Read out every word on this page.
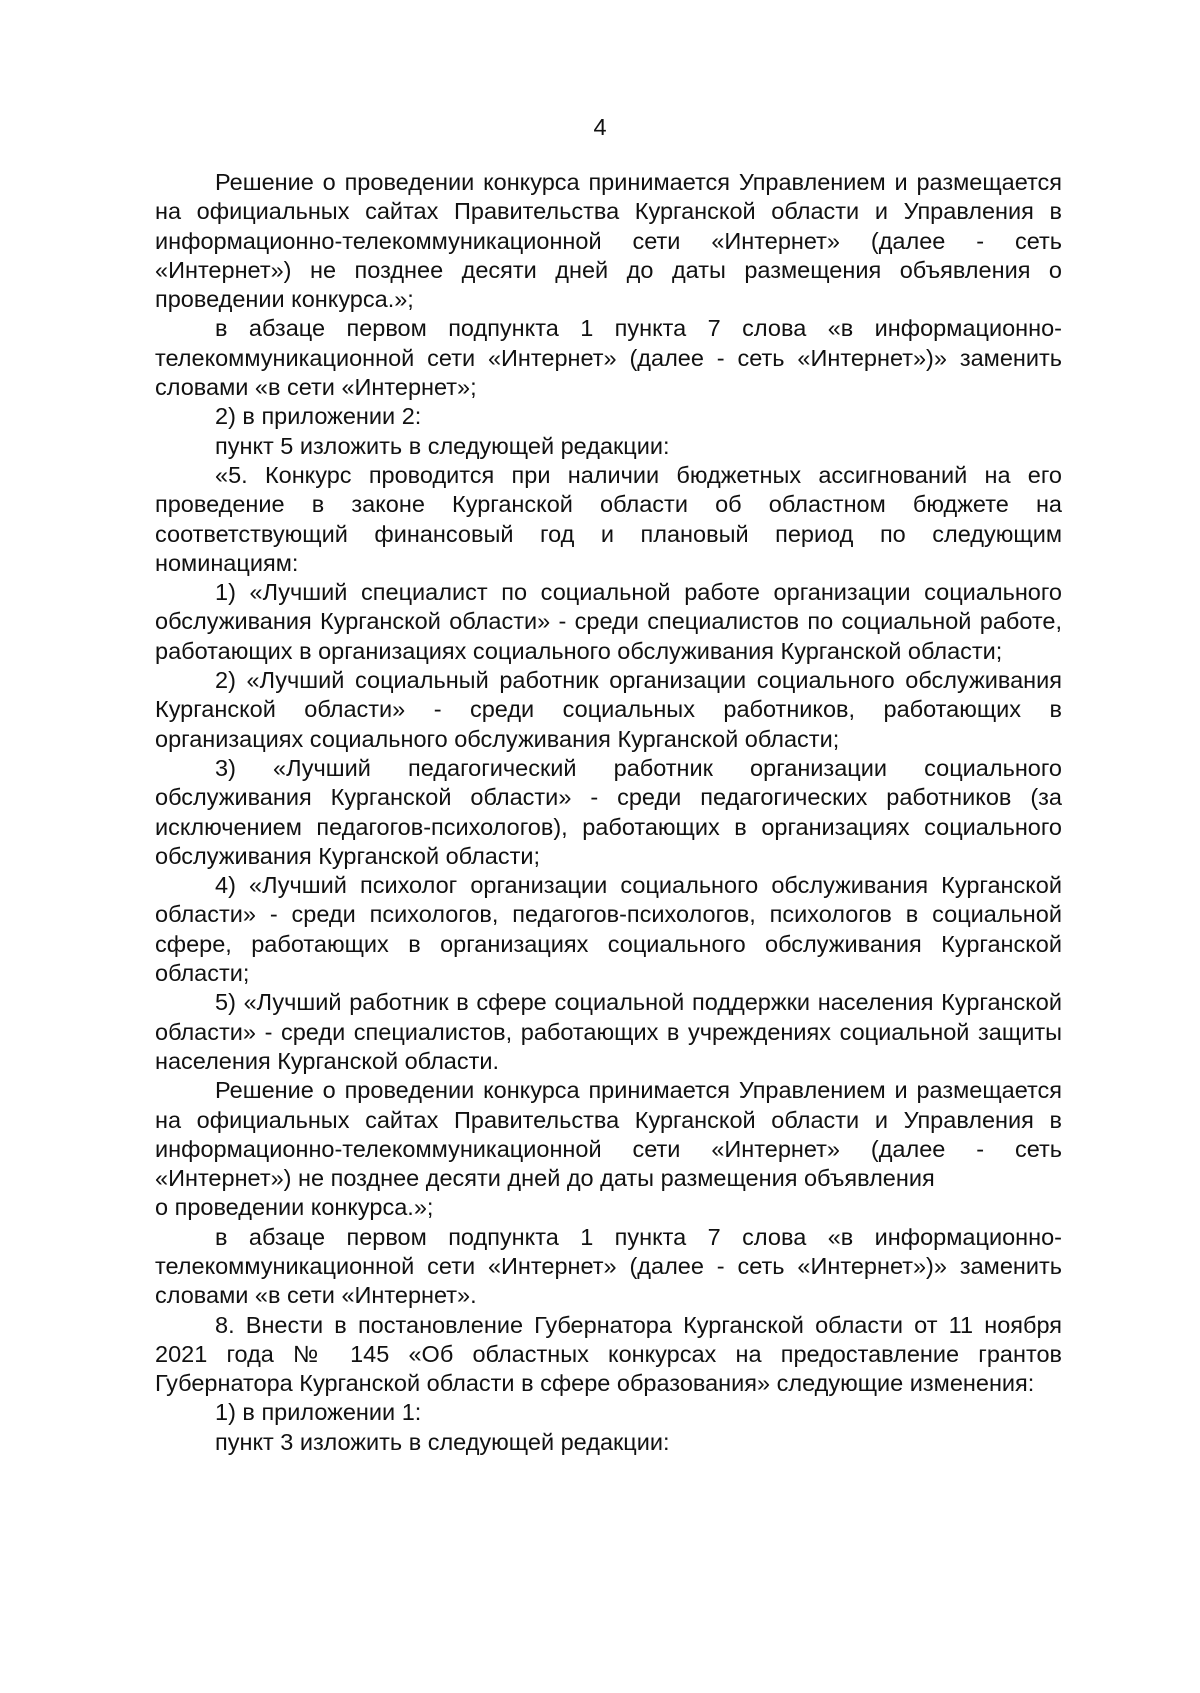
4

Решение о проведении конкурса принимается Управлением и размещается на официальных сайтах Правительства Курганской области и Управления в информационно-телекоммуникационной сети «Интернет» (далее - сеть «Интернет») не позднее десяти дней до даты размещения объявления о проведении конкурса.»;

в абзаце первом подпункта 1 пункта 7 слова «в информационно-телекоммуникационной сети «Интернет» (далее - сеть «Интернет»)» заменить словами «в сети «Интернет»;

2) в приложении 2:

пункт 5 изложить в следующей редакции:

«5. Конкурс проводится при наличии бюджетных ассигнований на его проведение в законе Курганской области об областном бюджете на соответствующий финансовый год и плановый период по следующим номинациям:

1) «Лучший специалист по социальной работе организации социального обслуживания Курганской области» - среди специалистов по социальной работе, работающих в организациях социального обслуживания Курганской области;

2) «Лучший социальный работник организации социального обслуживания Курганской области» - среди социальных работников, работающих в организациях социального обслуживания Курганской области;

3) «Лучший педагогический работник организации социального обслуживания Курганской области» - среди педагогических работников (за исключением педагогов-психологов), работающих в организациях социального обслуживания Курганской области;

4) «Лучший психолог организации социального обслуживания Курганской области» - среди психологов, педагогов-психологов, психологов в социальной сфере, работающих в организациях социального обслуживания Курганской области;

5) «Лучший работник в сфере социальной поддержки населения Курганской области» - среди специалистов, работающих в учреждениях социальной защиты населения Курганской области.

Решение о проведении конкурса принимается Управлением и размещается на официальных сайтах Правительства Курганской области и Управления в информационно-телекоммуникационной сети «Интернет» (далее - сеть «Интернет») не позднее десяти дней до даты размещения объявления

о проведении конкурса.»;

в абзаце первом подпункта 1 пункта 7 слова «в информационно-телекоммуникационной сети «Интернет» (далее - сеть «Интернет»)» заменить словами «в сети «Интернет».

8. Внести в постановление Губернатора Курганской области от 11 ноября 2021 года № 145 «Об областных конкурсах на предоставление грантов Губернатора Курганской области в сфере образования» следующие изменения:

1) в приложении 1:

пункт 3 изложить в следующей редакции:
